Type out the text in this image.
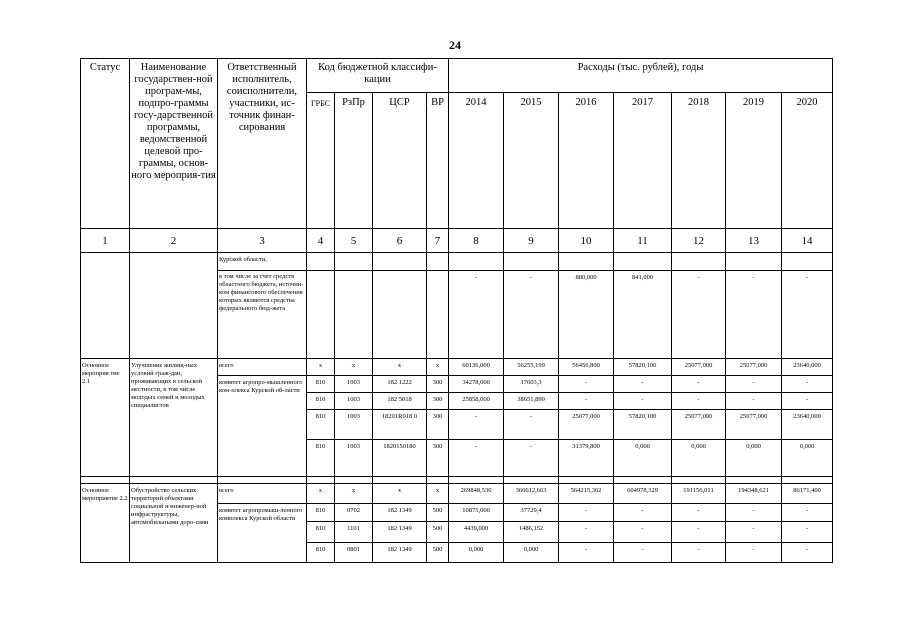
24
Статус	Наименование государствен-ной програм-мы, подпро-граммы госу-дарственной программы, ведомственной целевой про-граммы, основ-ного мероприя-тия	Ответственный исполнитель, соисполнители, участники, ис-точник финан-сирования	Код бюджетной классифи-кации				Расходы (тыс. рублей), годы						
			ГРБС	РзПр	ЦСР	ВР	2014	2015	2016	2017	2018	2019	2020
1	2	3	4	5	6	7	8	9	10	11	12	13	14
		Курской области,											
		в том числе за счет средств областного бюджета, источни-ком финансового обеспечения которых являются средства федерального бюд-жета					-	-	880,000	841,000	-	-	-
Основное мероприя тие 2.1	Улучшение жилищ-ных условий граж-дан, проживающих в сельской местности, в том числе молодых семей и молодых специалистов	всего	х	х	х	х	60136,000	56255,199	56456,800	57820,100	25077,000	25077,000	23640,000
		комитет агропро-мышленного ком-плекса Курской об-ласти	810	1003	182 1222	300	34278,000	17603,3	-	-	-	-	-
			810	1003	182 5018	300	25858,000	38651,899	-	-	-	-	-
			810	1003	18201R018 0	300	-	-	25077,000	57820,100	25077,000	25077,000	23640,000
			810	1003	1820150180	300	-	-	31379,800	0,000	0,000	0,000	0,000

Основное мероприятие 2.2	Обустройство сельских территорий объектами социальной и инженер-ной инфраструктуры, автомобильными доро-гами	всего	х	х	х	х	269848,530	366612,663	564215,362	604978,329	191156,011	194348,621	86171,400
		комитет агропромыш-ленного комплекса Курской области	810	0702	182 1349	500	10875,000	37729,4	-	-	-	-	-
			810	1101	182 1349	500	4439,000	1486,152	-	-	-	-	-
			810	0801	182 1349	500	0,000	0,000	-	-	-	-	-
